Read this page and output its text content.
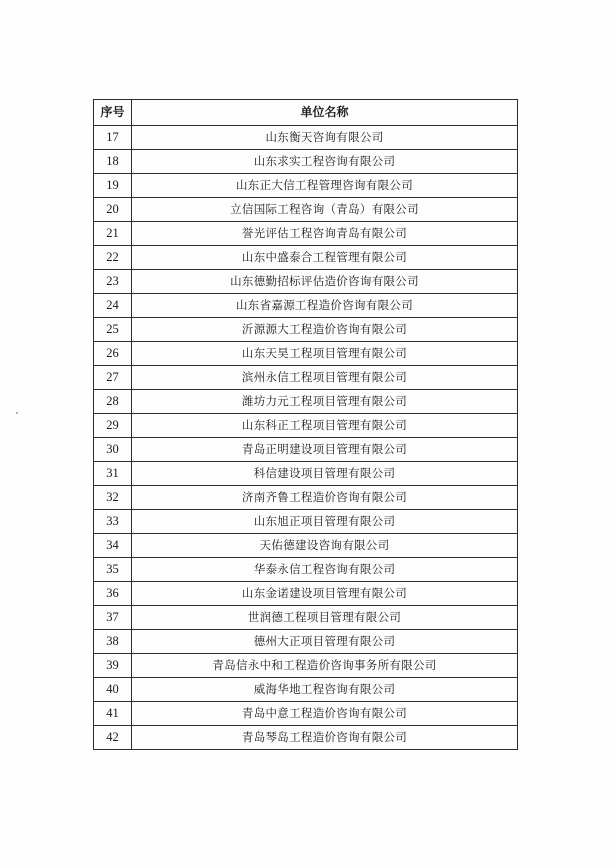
序号	单位名称
17	山东衡天咨询有限公司
18	山东求实工程咨询有限公司
19	山东正大信工程管理咨询有限公司
20	立信国际工程咨询（青岛）有限公司
21	誉光评估工程咨询青岛有限公司
22	山东中盛泰合工程管理有限公司
23	山东德勤招标评估造价咨询有限公司
24	山东省嘉源工程造价咨询有限公司
25	沂源源大工程造价咨询有限公司
26	山东天昊工程项目管理有限公司
27	滨州永信工程项目管理有限公司
28	潍坊力元工程项目管理有限公司
29	山东科正工程项目管理有限公司
30	青岛正明建设项目管理有限公司
31	科信建设项目管理有限公司
32	济南齐鲁工程造价咨询有限公司
33	山东旭正项目管理有限公司
34	天佑德建设咨询有限公司
35	华泰永信工程咨询有限公司
36	山东金诺建设项目管理有限公司
37	世润德工程项目管理有限公司
38	德州大正项目管理有限公司
39	青岛信永中和工程造价咨询事务所有限公司
40	威海华地工程咨询有限公司
41	青岛中意工程造价咨询有限公司
42	青岛琴岛工程造价咨询有限公司
